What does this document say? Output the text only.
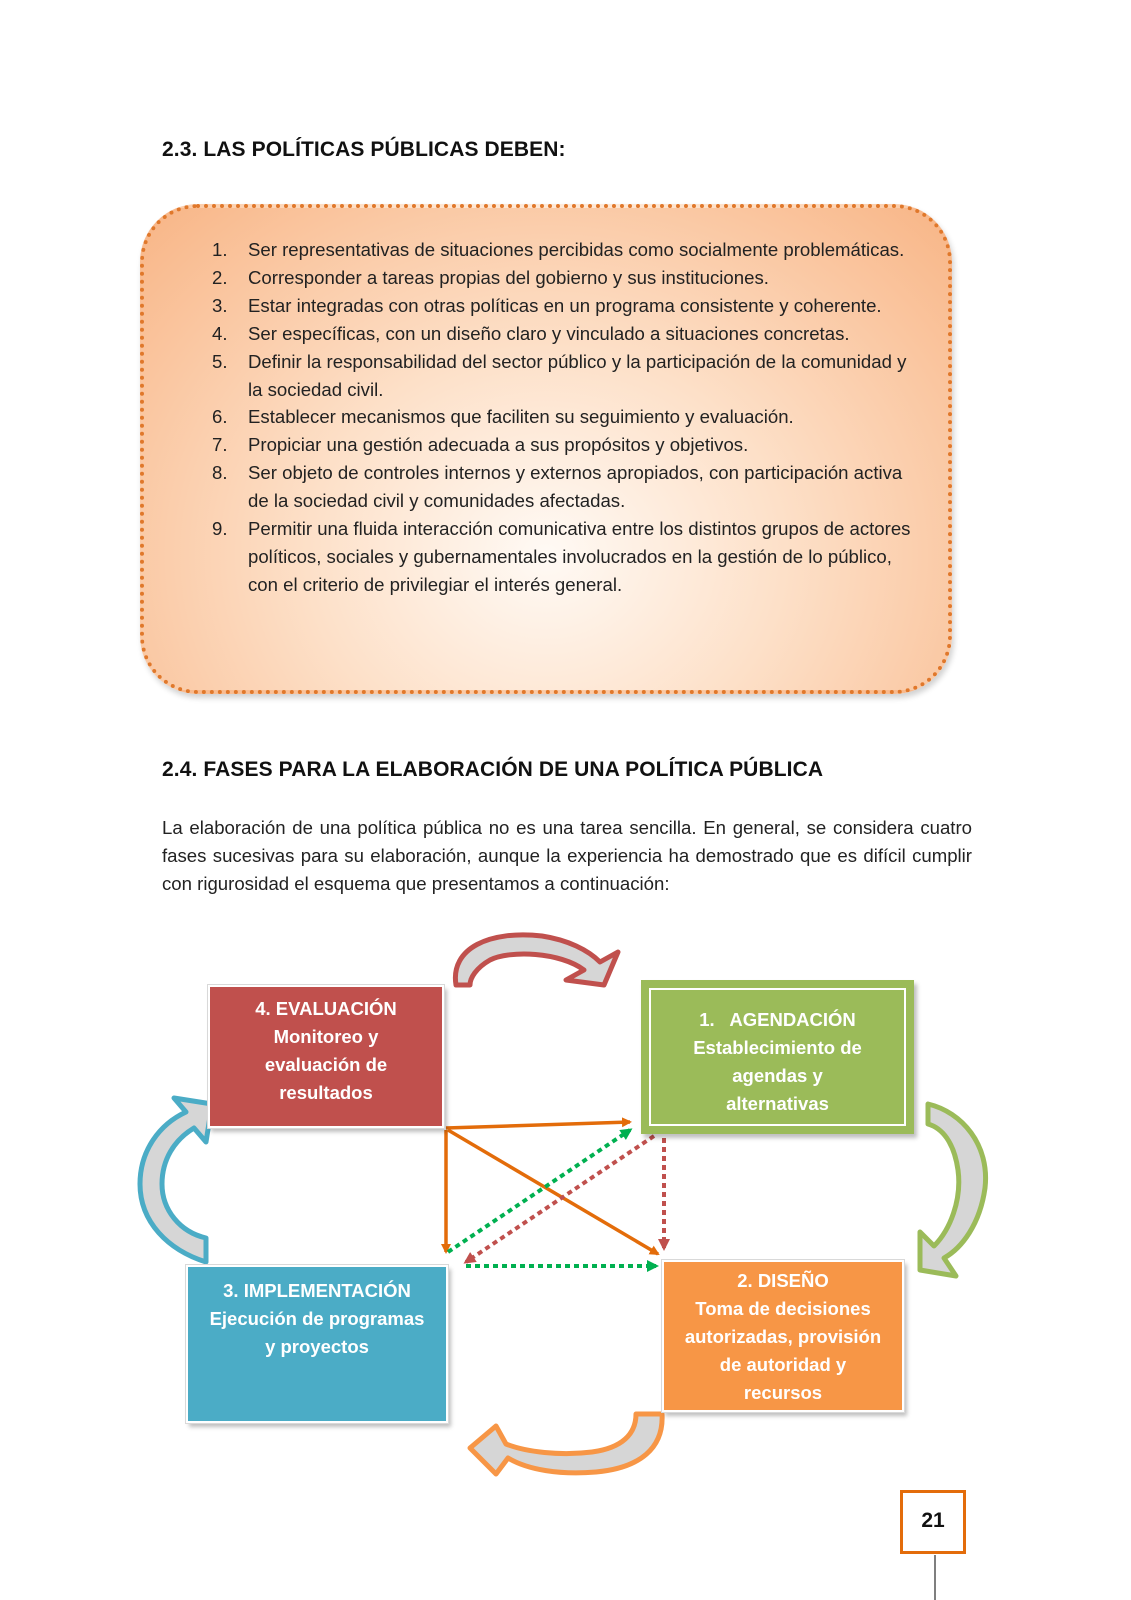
2.3. LAS POLÍTICAS PÚBLICAS DEBEN:
1. Ser representativas de situaciones percibidas como socialmente problemáticas.
2. Corresponder a tareas propias del gobierno y sus instituciones.
3. Estar integradas con otras políticas en un programa consistente y coherente.
4. Ser específicas, con un diseño claro y vinculado a situaciones concretas.
5. Definir la responsabilidad del sector público y la participación de la comunidad y la sociedad civil.
6. Establecer mecanismos que faciliten su seguimiento y evaluación.
7. Propiciar una gestión adecuada a sus propósitos y objetivos.
8. Ser objeto de controles internos y externos apropiados, con participación activa de la sociedad civil y comunidades afectadas.
9. Permitir una fluida interacción comunicativa entre los distintos grupos de actores políticos, sociales y gubernamentales involucrados en la gestión de lo público, con el criterio de privilegiar el interés general.
2.4. FASES PARA LA ELABORACIÓN DE UNA POLÍTICA PÚBLICA

La elaboración de una política pública no es una tarea sencilla. En general, se considera cuatro fases sucesivas para su elaboración, aunque la experiencia ha demostrado que es difícil cumplir con rigurosidad el esquema que presentamos a continuación:

4. EVALUACIÓN
Monitoreo y
evaluación de
resultados
1.   AGENDACIÓN
Establecimiento de
agendas y
alternativas
3. IMPLEMENTACIÓN
Ejecución de programas
y proyectos
2. DISEÑO
Toma de decisiones
autorizadas, provisión
de autoridad y
recursos
21
